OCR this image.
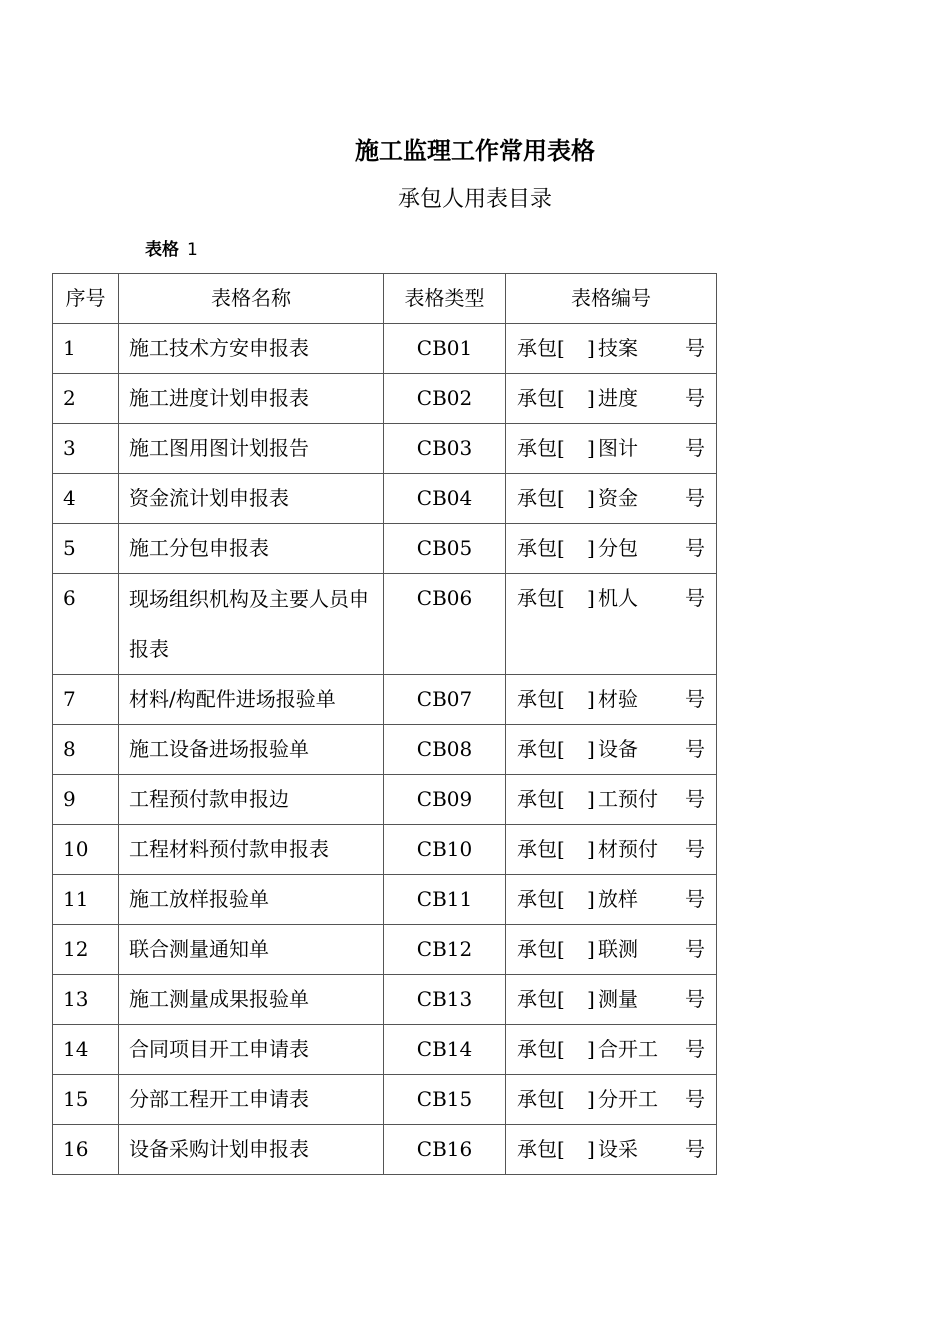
施工监理工作常用表格
承包人用表目录
表格 1
序号	表格名称	表格类型	表格编号
1	施工技术方安申报表	CB01	承包[ ] 技案 号

2	施工进度计划申报表	CB02	承包[ ] 进度 号

3	施工图用图计划报告	CB03	承包[ ] 图计 号

4	资金流计划申报表	CB04	承包[ ] 资金 号

5	施工分包申报表	CB05	承包[ ] 分包 号

6	现场组织机构及主要人员申报表	CB06	承包[ ] 机人 号

7	材料/构配件进场报验单	CB07	承包[ ] 材验 号

8	施工设备进场报验单	CB08	承包[ ] 设备 号

9	工程预付款申报边	CB09	承包[ ] 工预付 号

10	工程材料预付款申报表	CB10	承包[ ] 材预付 号

11	施工放样报验单	CB11	承包[ ] 放样 号

12	联合测量通知单	CB12	承包[ ] 联测 号

13	施工测量成果报验单	CB13	承包[ ] 测量 号

14	合同项目开工申请表	CB14	承包[ ] 合开工 号

15	分部工程开工申请表	CB15	承包[ ] 分开工 号

16	设备采购计划申报表	CB16	承包[ ] 设采 号
